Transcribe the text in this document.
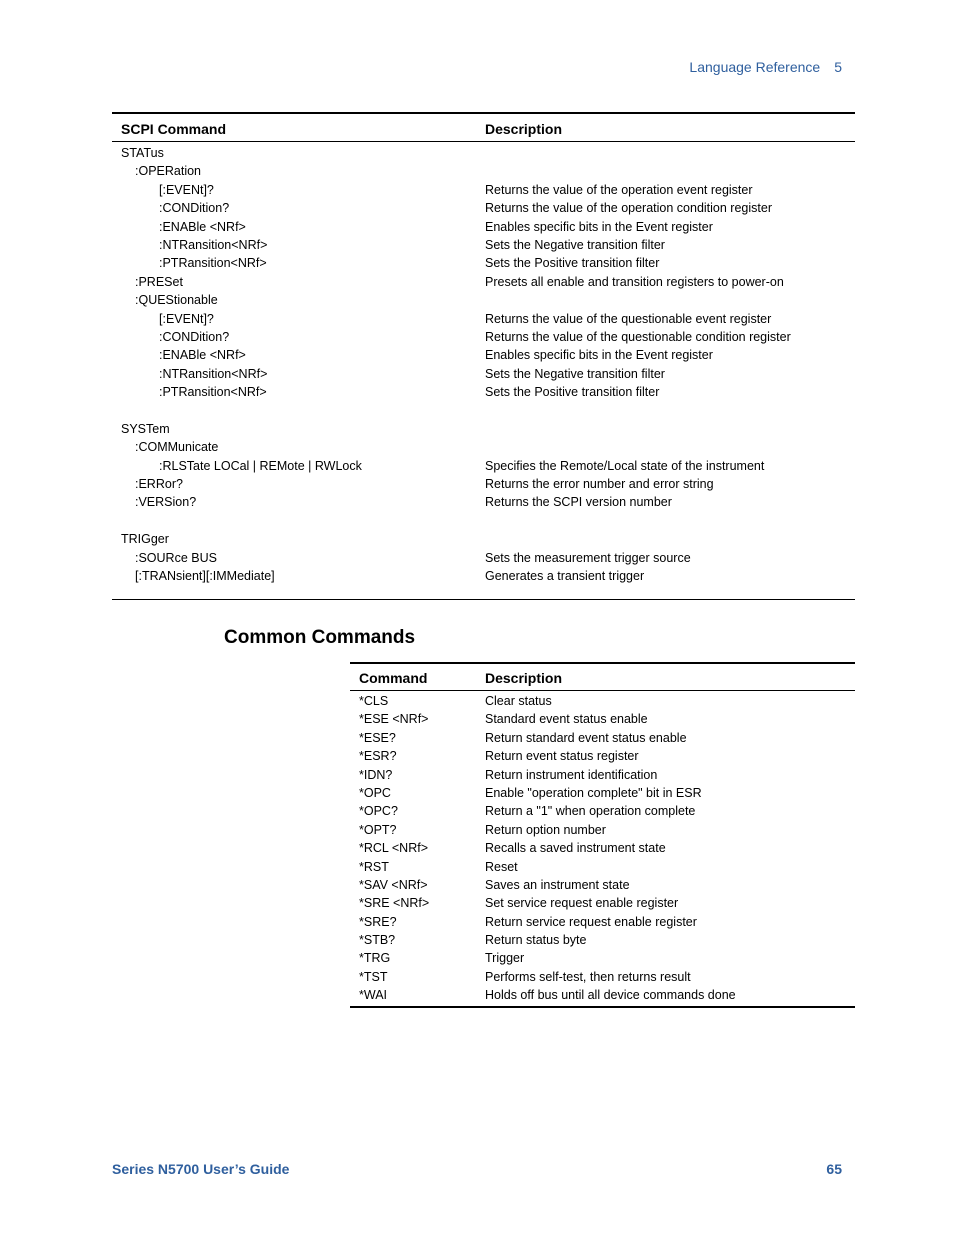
Language Reference 5
SCPI Command	Description
STATus
:OPERation
[:EVENt]?	Returns the value of the operation event register
:CONDition?	Returns the value of the operation condition register
:ENABle <NRf>	Enables specific bits in the Event register
:NTRansition<NRf>	Sets the Negative transition filter
:PTRansition<NRf>	Sets the Positive transition filter
:PRESet	Presets all enable and transition registers to power-on
:QUEStionable
[:EVENt]?	Returns the value of the questionable event register
:CONDition?	Returns the value of the questionable condition register
:ENABle <NRf>	Enables specific bits in the Event register
:NTRansition<NRf>	Sets the Negative transition filter
:PTRansition<NRf>	Sets the Positive transition filter
SYSTem
:COMMunicate
:RLSTate LOCal | REMote | RWLock	Specifies the Remote/Local state of the instrument
:ERRor?	Returns the error number and error string
:VERSion?	Returns the SCPI version number
TRIGger
:SOURce BUS	Sets the measurement trigger source
[:TRANsient][:IMMediate]	Generates a transient trigger
Common Commands
Command	Description
*CLS	Clear status
*ESE <NRf>	Standard event status enable
*ESE?	Return standard event status enable
*ESR?	Return event status register
*IDN?	Return instrument identification
*OPC	Enable "operation complete" bit in ESR
*OPC?	Return a "1" when operation complete
*OPT?	Return option number
*RCL <NRf>	Recalls a saved instrument state
*RST	Reset
*SAV <NRf>	Saves an instrument state
*SRE <NRf>	Set service request enable register
*SRE?	Return service request enable register
*STB?	Return status byte
*TRG	Trigger
*TST	Performs self-test, then returns result
*WAI	Holds off bus until all device commands done
Series N5700 User’s Guide	65
